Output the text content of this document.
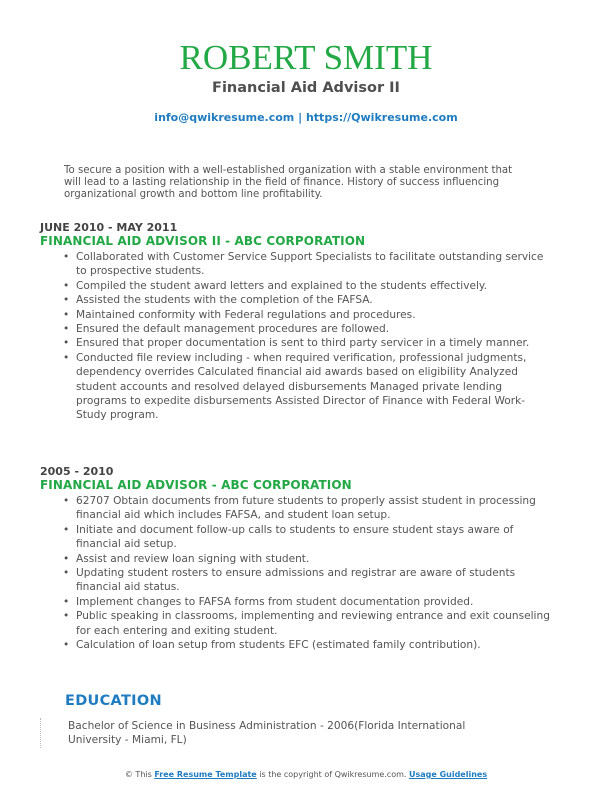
ROBERT SMITH
Financial Aid Advisor II
info@qwikresume.com | https://Qwikresume.com
To secure a position with a well-established organization with a stable environment that will lead to a lasting relationship in the field of finance. History of success influencing organizational growth and bottom line profitability.
JUNE 2010 - MAY 2011
FINANCIAL AID ADVISOR II - ABC CORPORATION
• Collaborated with Customer Service Support Specialists to facilitate outstanding service to prospective students.
• Compiled the student award letters and explained to the students effectively.
• Assisted the students with the completion of the FAFSA.
• Maintained conformity with Federal regulations and procedures.
• Ensured the default management procedures are followed.
• Ensured that proper documentation is sent to third party servicer in a timely manner.
• Conducted file review including - when required verification, professional judgments, dependency overrides Calculated financial aid awards based on eligibility Analyzed student accounts and resolved delayed disbursements Managed private lending programs to expedite disbursements Assisted Director of Finance with Federal Work-Study program.
2005 - 2010
FINANCIAL AID ADVISOR - ABC CORPORATION
• 62707 Obtain documents from future students to properly assist student in processing financial aid which includes FAFSA, and student loan setup.
• Initiate and document follow-up calls to students to ensure student stays aware of financial aid setup.
• Assist and review loan signing with student.
• Updating student rosters to ensure admissions and registrar are aware of students financial aid status.
• Implement changes to FAFSA forms from student documentation provided.
• Public speaking in classrooms, implementing and reviewing entrance and exit counseling for each entering and exiting student.
• Calculation of loan setup from students EFC (estimated family contribution).
EDUCATION
Bachelor of Science in Business Administration - 2006(Florida International University - Miami, FL)
© This Free Resume Template is the copyright of Qwikresume.com. Usage Guidelines
